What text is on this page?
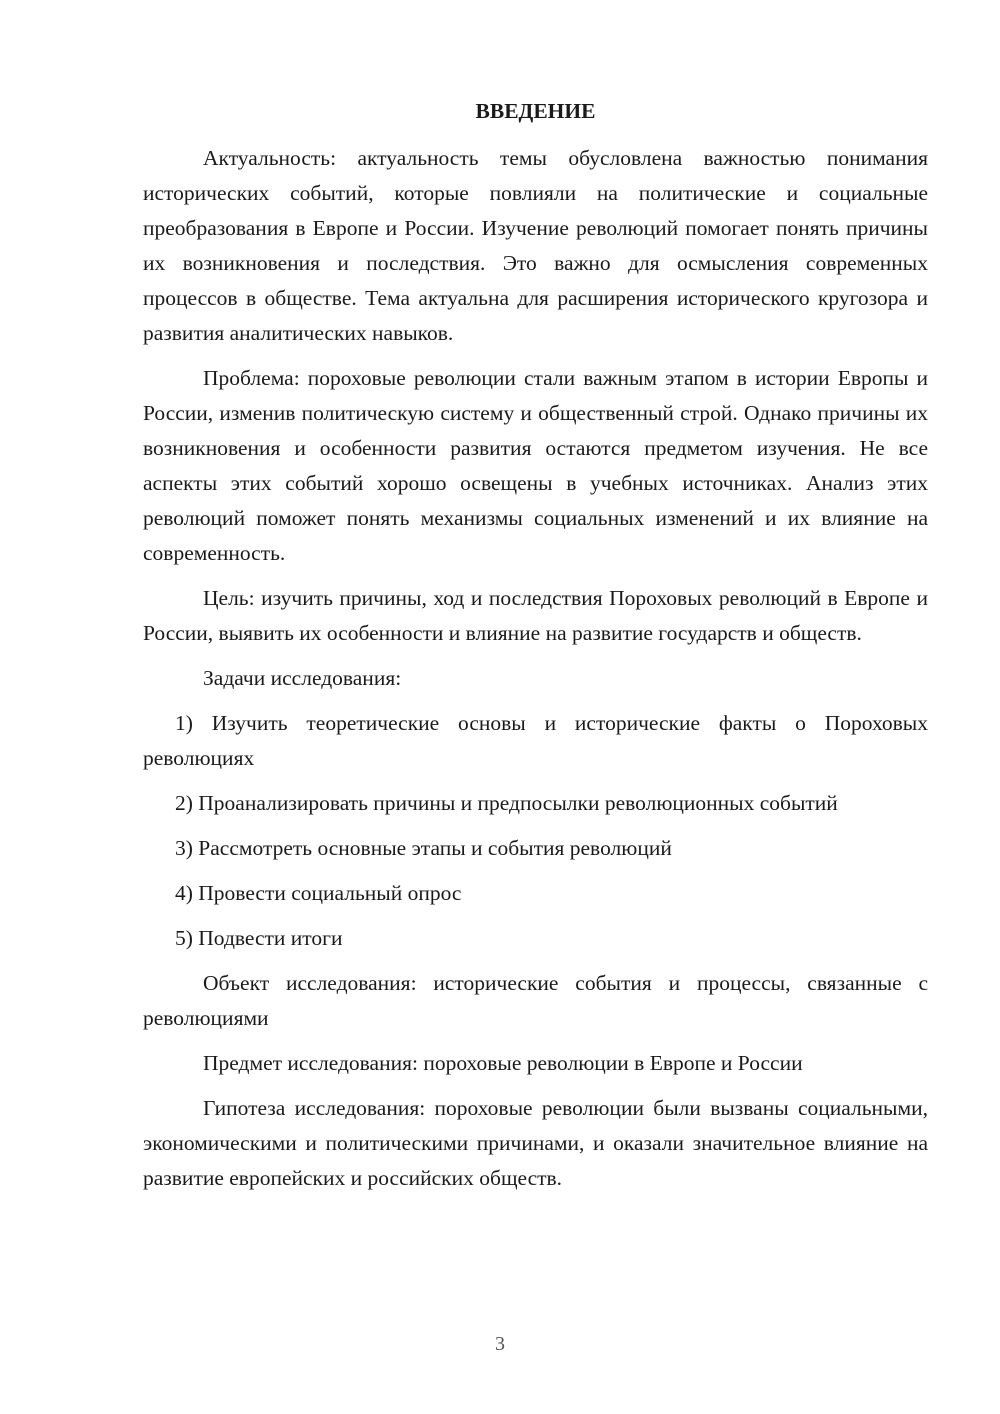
ВВЕДЕНИЕ

Актуальность: актуальность темы обусловлена важностью понимания исторических событий, которые повлияли на политические и социальные преобразования в Европе и России. Изучение революций помогает понять причины их возникновения и последствия. Это важно для осмысления современных процессов в обществе. Тема актуальна для расширения исторического кругозора и развития аналитических навыков.

Проблема: пороховые революции стали важным этапом в истории Европы и России, изменив политическую систему и общественный строй. Однако причины их возникновения и особенности развития остаются предметом изучения. Не все аспекты этих событий хорошо освещены в учебных источниках. Анализ этих революций поможет понять механизмы социальных изменений и их влияние на современность.

Цель: изучить причины, ход и последствия Пороховых революций в Европе и России, выявить их особенности и влияние на развитие государств и обществ.

Задачи исследования:

1) Изучить теоретические основы и исторические факты о Пороховых революциях

2) Проанализировать причины и предпосылки революционных событий

3) Рассмотреть основные этапы и события революций

4) Провести социальный опрос

5) Подвести итоги

Объект исследования: исторические события и процессы, связанные с революциями

Предмет исследования: пороховые революции в Европе и России

Гипотеза исследования: пороховые революции были вызваны социальными, экономическими и политическими причинами, и оказали значительное влияние на развитие европейских и российских обществ.

3
